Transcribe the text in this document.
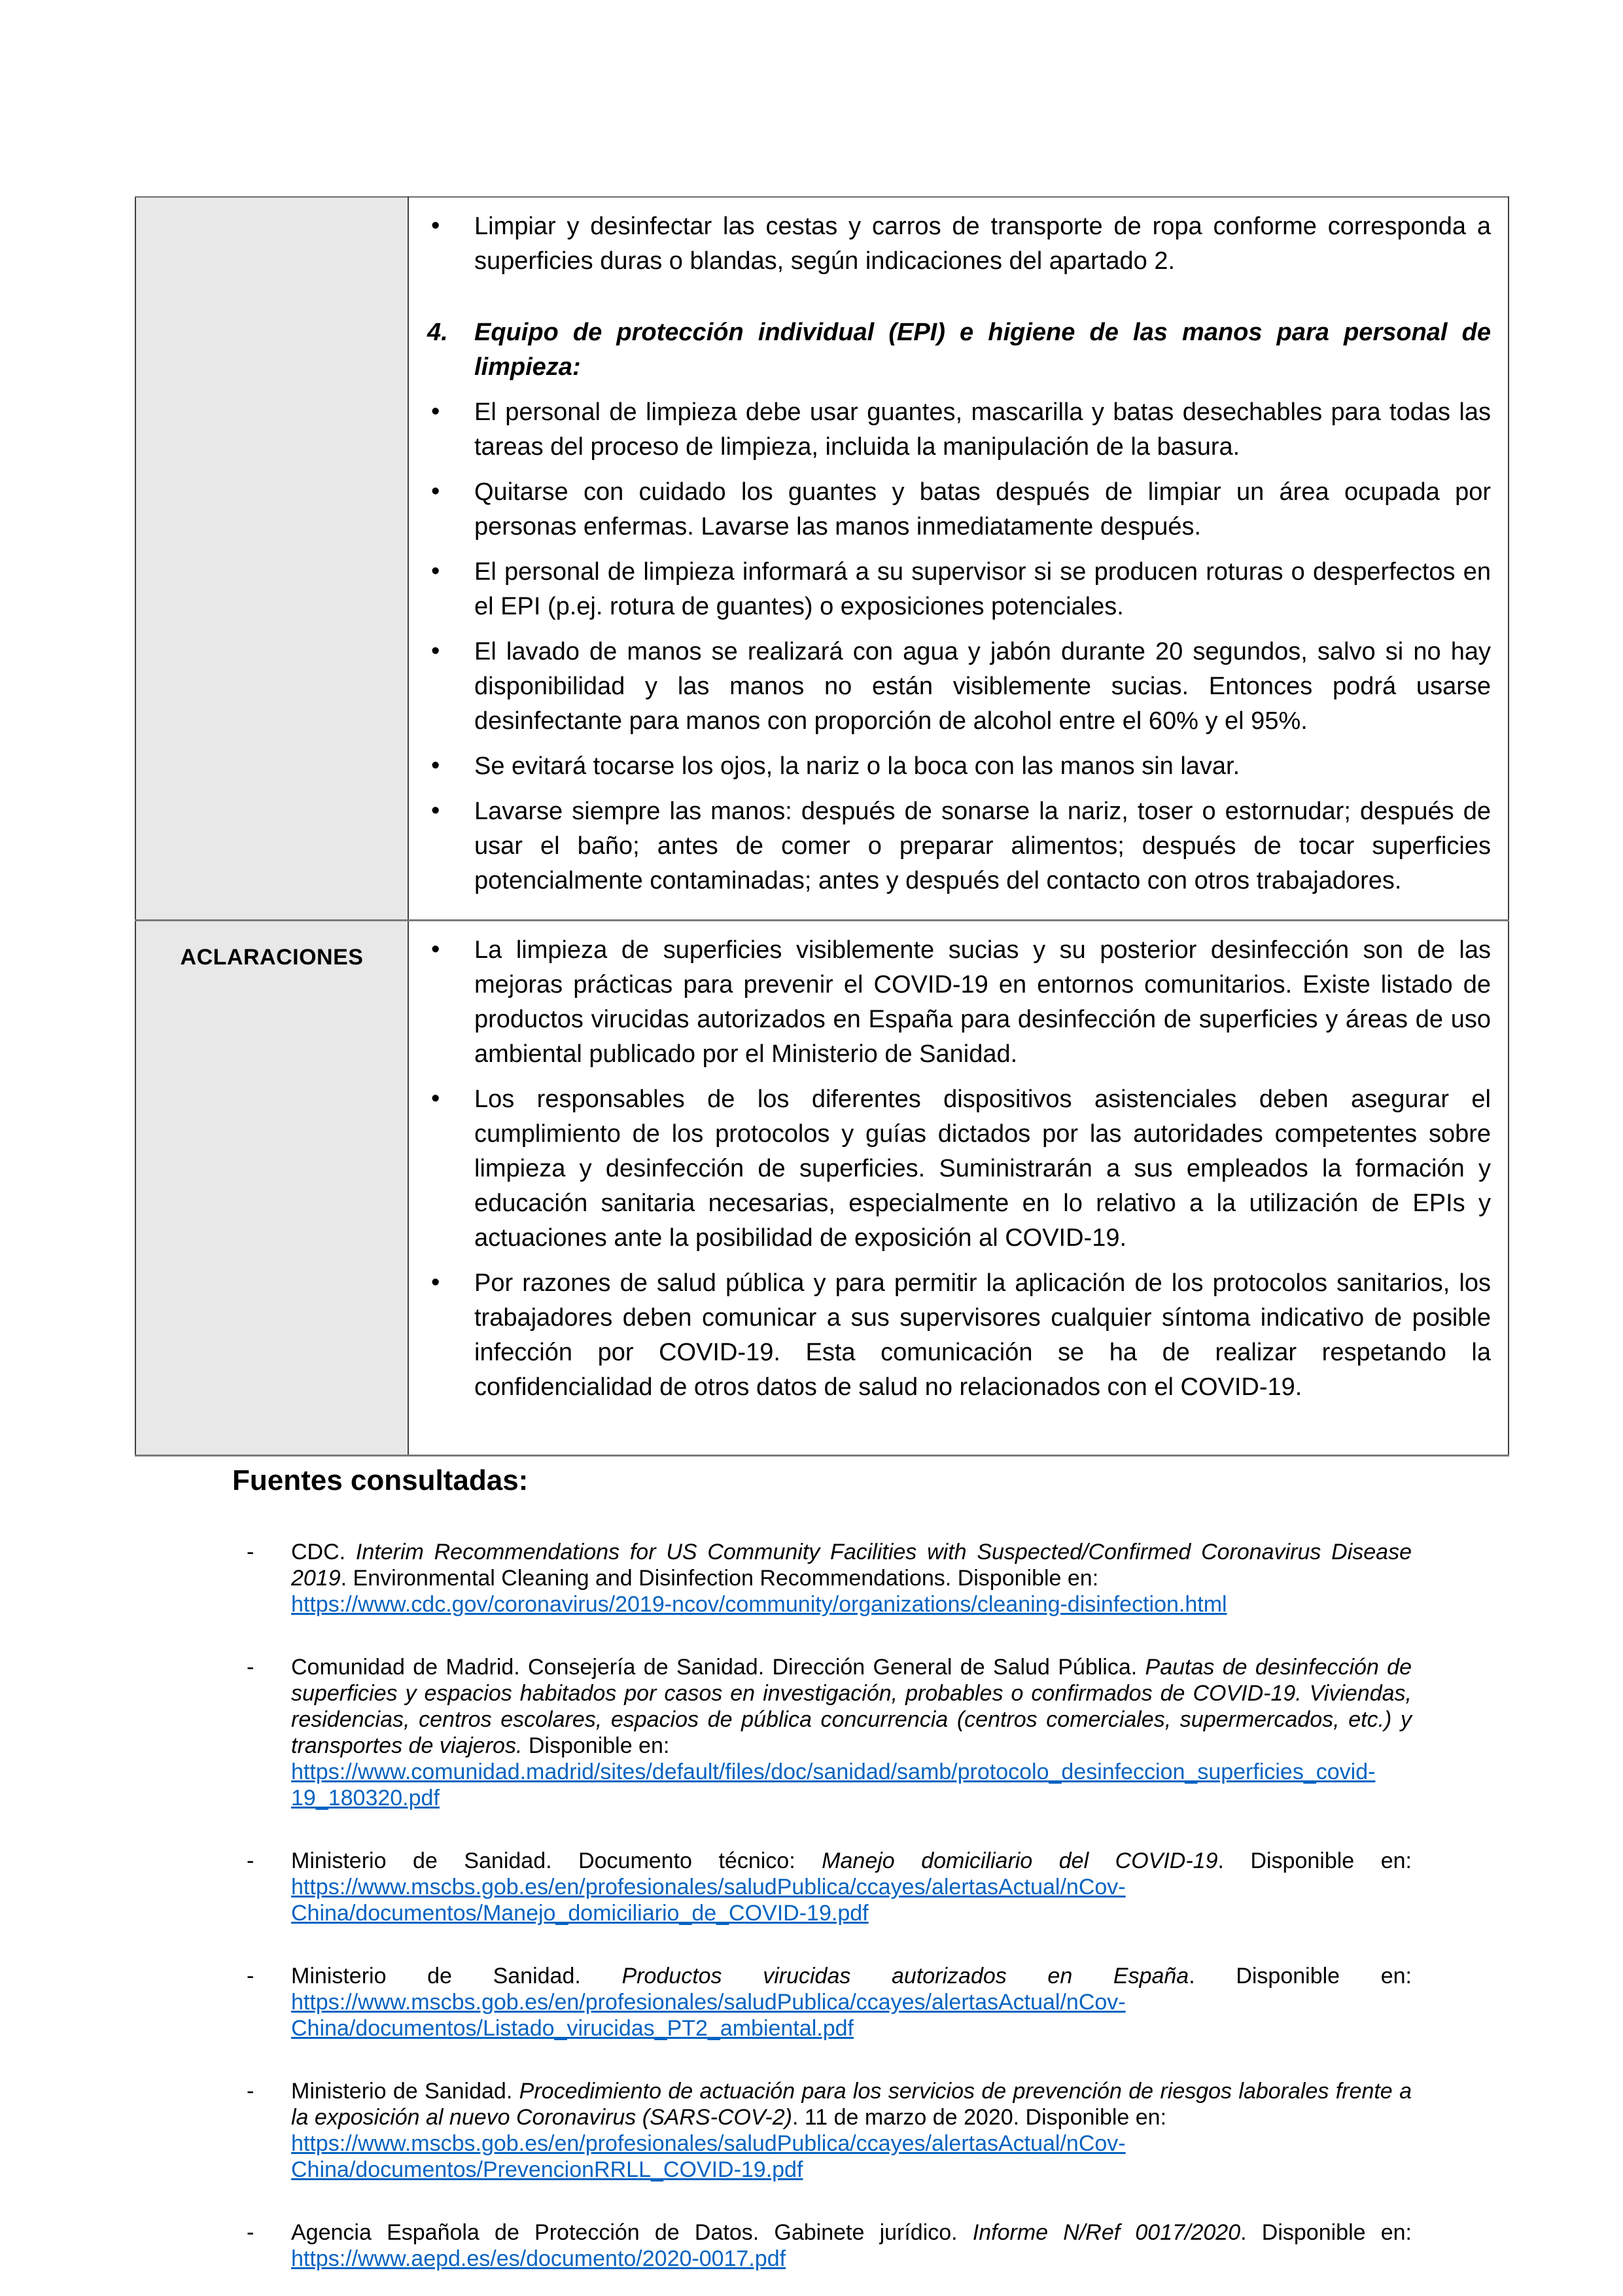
• Limpiar y desinfectar las cestas y carros de transporte de ropa conforme corresponda a superficies duras o blandas, según indicaciones del apartado 2.
4. Equipo de protección individual (EPI) e higiene de las manos para personal de limpieza:
• El personal de limpieza debe usar guantes, mascarilla y batas desechables para todas las tareas del proceso de limpieza, incluida la manipulación de la basura.
• Quitarse con cuidado los guantes y batas después de limpiar un área ocupada por personas enfermas. Lavarse las manos inmediatamente después.
• El personal de limpieza informará a su supervisor si se producen roturas o desperfectos en el EPI (p.ej. rotura de guantes) o exposiciones potenciales.
• El lavado de manos se realizará con agua y jabón durante 20 segundos, salvo si no hay disponibilidad y las manos no están visiblemente sucias. Entonces podrá usarse desinfectante para manos con proporción de alcohol entre el 60% y el 95%.
• Se evitará tocarse los ojos, la nariz o la boca con las manos sin lavar.
• Lavarse siempre las manos: después de sonarse la nariz, toser o estornudar; después de usar el baño; antes de comer o preparar alimentos; después de tocar superficies potencialmente contaminadas; antes y después del contacto con otros trabajadores.

ACLARACIONES	• La limpieza de superficies visiblemente sucias y su posterior desinfección son de las mejoras prácticas para prevenir el COVID-19 en entornos comunitarios. Existe listado de productos virucidas autorizados en España para desinfección de superficies y áreas de uso ambiental publicado por el Ministerio de Sanidad.
• Los responsables de los diferentes dispositivos asistenciales deben asegurar el cumplimiento de los protocolos y guías dictados por las autoridades competentes sobre limpieza y desinfección de superficies. Suministrarán a sus empleados la formación y educación sanitaria necesarias, especialmente en lo relativo a la utilización de EPIs y actuaciones ante la posibilidad de exposición al COVID-19.
• Por razones de salud pública y para permitir la aplicación de los protocolos sanitarios, los trabajadores deben comunicar a sus supervisores cualquier síntoma indicativo de posible infección por COVID-19. Esta comunicación se ha de realizar respetando la confidencialidad de otros datos de salud no relacionados con el COVID-19.
Fuentes consultadas:
- CDC. Interim Recommendations for US Community Facilities with Suspected/Confirmed Coronavirus Disease 2019. Environmental Cleaning and Disinfection Recommendations. Disponible en:

https://www.cdc.gov/coronavirus/2019-ncov/community/organizations/cleaning-disinfection.html
- Comunidad de Madrid. Consejería de Sanidad. Dirección General de Salud Pública. Pautas de desinfección de superficies y espacios habitados por casos en investigación, probables o confirmados de COVID-19. Viviendas, residencias, centros escolares, espacios de pública concurrencia (centros comerciales, supermercados, etc.) y transportes de viajeros. Disponible en:

https://www.comunidad.madrid/sites/default/files/doc/sanidad/samb/protocolo_desinfeccion_superficies_covid-
19_180320.pdf
- Ministerio de Sanidad. Documento técnico: Manejo domiciliario del COVID-19. Disponible en:

https://www.mscbs.gob.es/en/profesionales/saludPublica/ccayes/alertasActual/nCov-
China/documentos/Manejo_domiciliario_de_COVID-19.pdf
- Ministerio de Sanidad. Productos virucidas autorizados en España. Disponible en:

https://www.mscbs.gob.es/en/profesionales/saludPublica/ccayes/alertasActual/nCov-
China/documentos/Listado_virucidas_PT2_ambiental.pdf
- Ministerio de Sanidad. Procedimiento de actuación para los servicios de prevención de riesgos laborales frente a la exposición al nuevo Coronavirus (SARS-COV-2). 11 de marzo de 2020. Disponible en:

https://www.mscbs.gob.es/en/profesionales/saludPublica/ccayes/alertasActual/nCov-
China/documentos/PrevencionRRLL_COVID-19.pdf
- Agencia Española de Protección de Datos. Gabinete jurídico. Informe N/Ref 0017/2020. Disponible en:

https://www.aepd.es/es/documento/2020-0017.pdf
